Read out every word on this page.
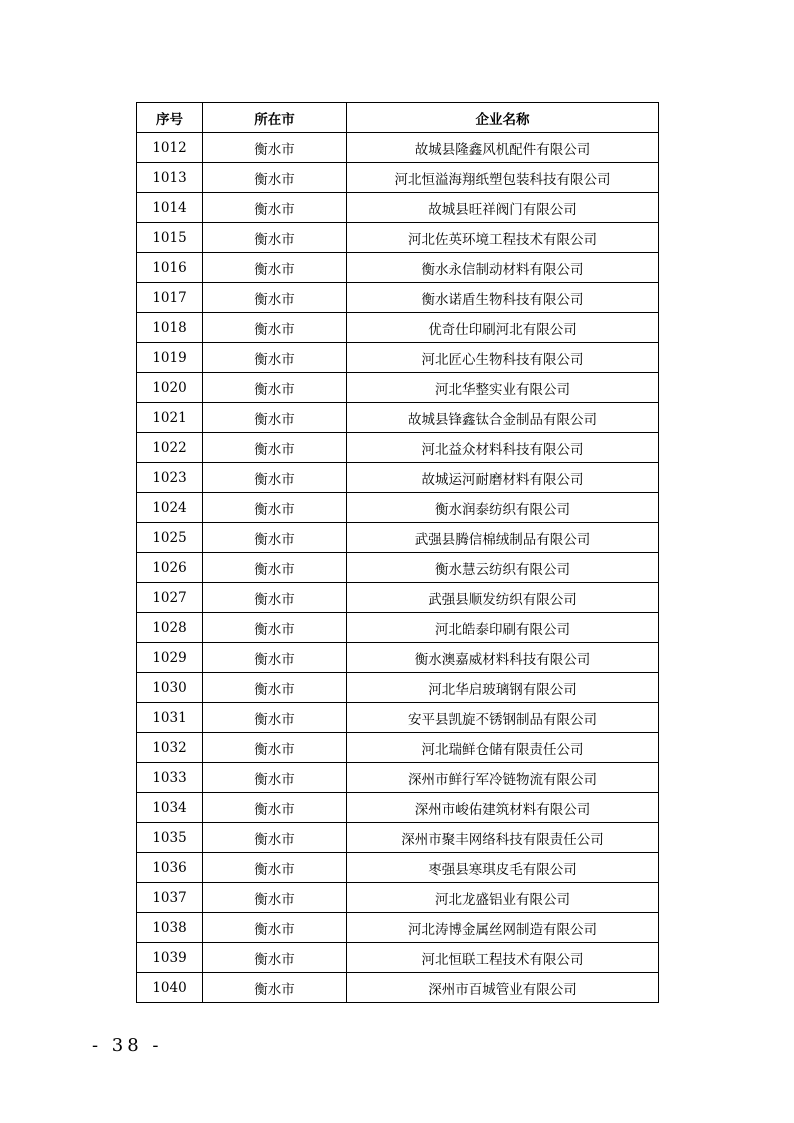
序号	所在市	企业名称
1012	衡水市	故城县隆鑫风机配件有限公司
1013	衡水市	河北恒溢海翔纸塑包装科技有限公司
1014	衡水市	故城县旺祥阀门有限公司
1015	衡水市	河北佐英环境工程技术有限公司
1016	衡水市	衡水永信制动材料有限公司
1017	衡水市	衡水诺盾生物科技有限公司
1018	衡水市	优奇仕印刷河北有限公司
1019	衡水市	河北匠心生物科技有限公司
1020	衡水市	河北华整实业有限公司
1021	衡水市	故城县锋鑫钛合金制品有限公司
1022	衡水市	河北益众材料科技有限公司
1023	衡水市	故城运河耐磨材料有限公司
1024	衡水市	衡水润泰纺织有限公司
1025	衡水市	武强县腾信棉绒制品有限公司
1026	衡水市	衡水慧云纺织有限公司
1027	衡水市	武强县顺发纺织有限公司
1028	衡水市	河北皓泰印刷有限公司
1029	衡水市	衡水澳嘉威材料科技有限公司
1030	衡水市	河北华启玻璃钢有限公司
1031	衡水市	安平县凯旋不锈钢制品有限公司
1032	衡水市	河北瑞鲜仓储有限责任公司
1033	衡水市	深州市鲜行军冷链物流有限公司
1034	衡水市	深州市峻佑建筑材料有限公司
1035	衡水市	深州市聚丰网络科技有限责任公司
1036	衡水市	枣强县寒琪皮毛有限公司
1037	衡水市	河北龙盛铝业有限公司
1038	衡水市	河北涛博金属丝网制造有限公司
1039	衡水市	河北恒联工程技术有限公司
1040	衡水市	深州市百城管业有限公司
- 38 -
